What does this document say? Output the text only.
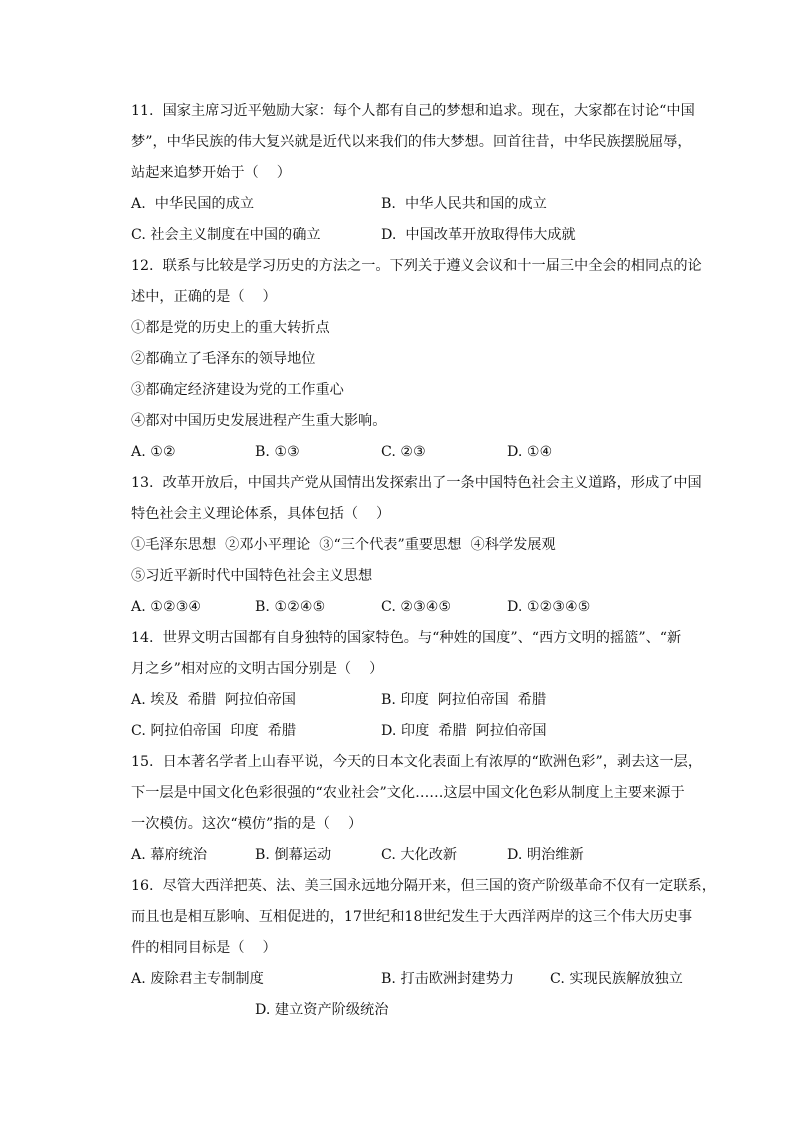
11.  国家主席习近平勉励大家：每个人都有自己的梦想和追求。现在，大家都在讨论“中国
梦”，中华民族的伟大复兴就是近代以来我们的伟大梦想。回首往昔，中华民族摆脱屈辱，
站起来追梦开始于（    ）
A.  中华民国的成立	B.  中华人民共和国的成立
C. 社会主义制度在中国的确立	D.  中国改革开放取得伟大成就
12.  联系与比较是学习历史的方法之一。下列关于遵义会议和十一届三中全会的相同点的论
述中，正确的是（    ）
①都是党的历史上的重大转折点
②都确立了毛泽东的领导地位
③都确定经济建设为党的工作重心
④都对中国历史发展进程产生重大影响。
A. ①②	B. ①③	C. ②③	D. ①④
13.  改革开放后，中国共产党从国情出发探索出了一条中国特色社会主义道路，形成了中国
特色社会主义理论体系，具体包括（    ）
①毛泽东思想  ②邓小平理论  ③“三个代表”重要思想  ④科学发展观
⑤习近平新时代中国特色社会主义思想
A. ①②③④	B. ①②④⑤	C. ②③④⑤	D. ①②③④⑤
14.  世界文明古国都有自身独特的国家特色。与“种姓的国度”、“西方文明的摇篮”、“新
月之乡”相对应的文明古国分别是（    ）
A. 埃及  希腊  阿拉伯帝国	B. 印度  阿拉伯帝国  希腊
C. 阿拉伯帝国  印度  希腊	D. 印度  希腊  阿拉伯帝国
15.  日本著名学者上山春平说，今天的日本文化表面上有浓厚的“欧洲色彩”，剥去这一层，
下一层是中国文化色彩很强的“农业社会”文化……这层中国文化色彩从制度上主要来源于
一次模仿。这次“模仿”指的是（    ）
A. 幕府统治	B. 倒幕运动	C. 大化改新	D. 明治维新
16.  尽管大西洋把英、法、美三国永远地分隔开来，但三国的资产阶级革命不仅有一定联系，
而且也是相互影响、互相促进的，17世纪和18世纪发生于大西洋两岸的这三个伟大历史事
件的相同目标是（    ）
A. 废除君主专制制度	B. 打击欧洲封建势力	C. 实现民族解放独立
D. 建立资产阶级统治
